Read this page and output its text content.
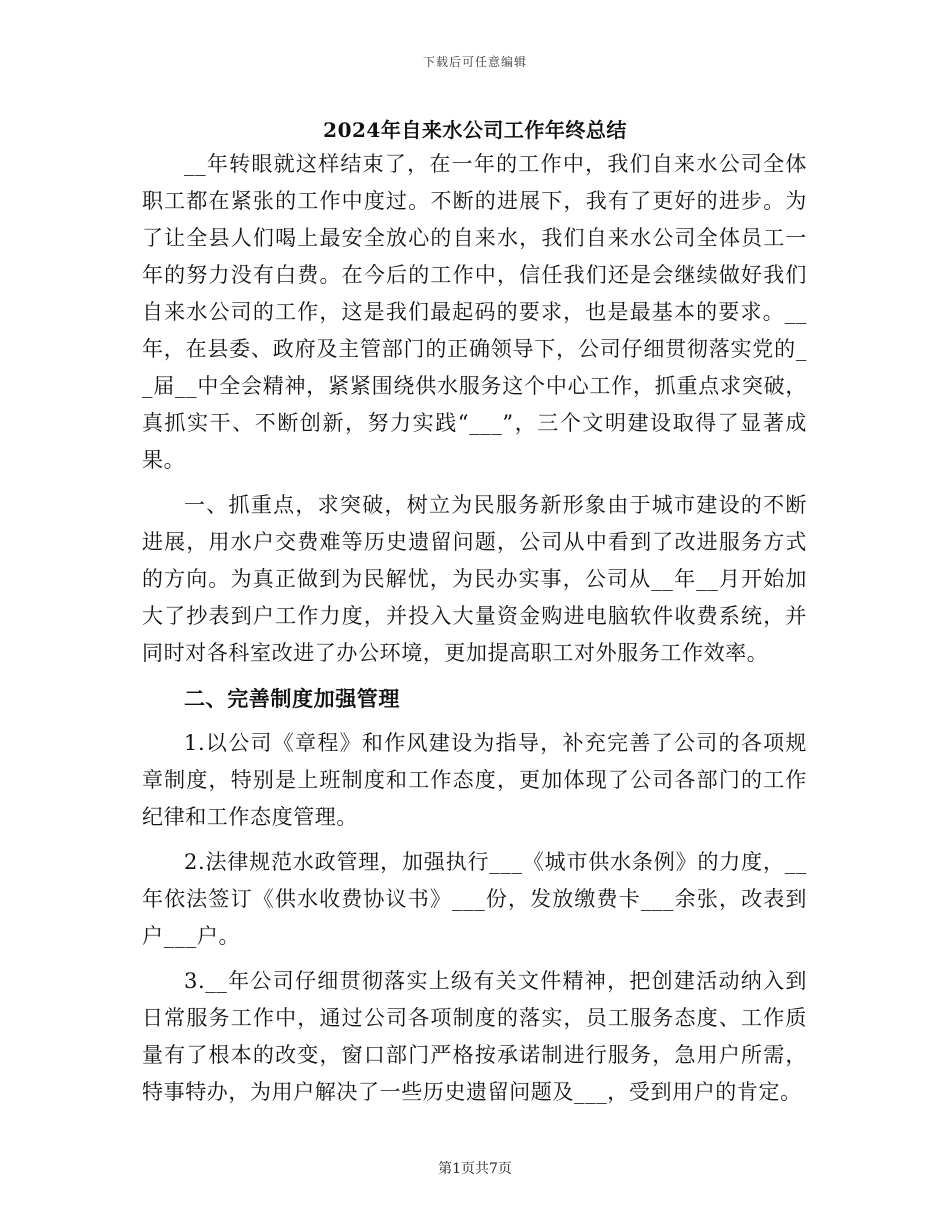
下载后可任意编辑
2024年自来水公司工作年终总结

__年转眼就这样结束了，在一年的工作中，我们自来水公司全体职工都在紧张的工作中度过。不断的进展下，我有了更好的进步。为了让全县人们喝上最安全放心的自来水，我们自来水公司全体员工一年的努力没有白费。在今后的工作中，信任我们还是会继续做好我们自来水公司的工作，这是我们最起码的要求，也是最基本的要求。__年，在县委、政府及主管部门的正确领导下，公司仔细贯彻落实党的__届__中全会精神，紧紧围绕供水服务这个中心工作，抓重点求突破，真抓实干、不断创新，努力实践“___”，三个文明建设取得了显著成果。

一、抓重点，求突破，树立为民服务新形象由于城市建设的不断进展，用水户交费难等历史遗留问题，公司从中看到了改进服务方式的方向。为真正做到为民解忧，为民办实事，公司从__年__月开始加大了抄表到户工作力度，并投入大量资金购进电脑软件收费系统，并同时对各科室改进了办公环境，更加提高职工对外服务工作效率。

二、完善制度加强管理

1.以公司《章程》和作风建设为指导，补充完善了公司的各项规章制度，特别是上班制度和工作态度，更加体现了公司各部门的工作纪律和工作态度管理。

2.法律规范水政管理，加强执行___《城市供水条例》的力度，__年依法签订《供水收费协议书》___份，发放缴费卡___余张，改表到户___户。

3.__年公司仔细贯彻落实上级有关文件精神，把创建活动纳入到日常服务工作中，通过公司各项制度的落实，员工服务态度、工作质量有了根本的改变，窗口部门严格按承诺制进行服务，急用户所需，特事特办，为用户解决了一些历史遗留问题及___，受到用户的肯定。

第1页共7页
